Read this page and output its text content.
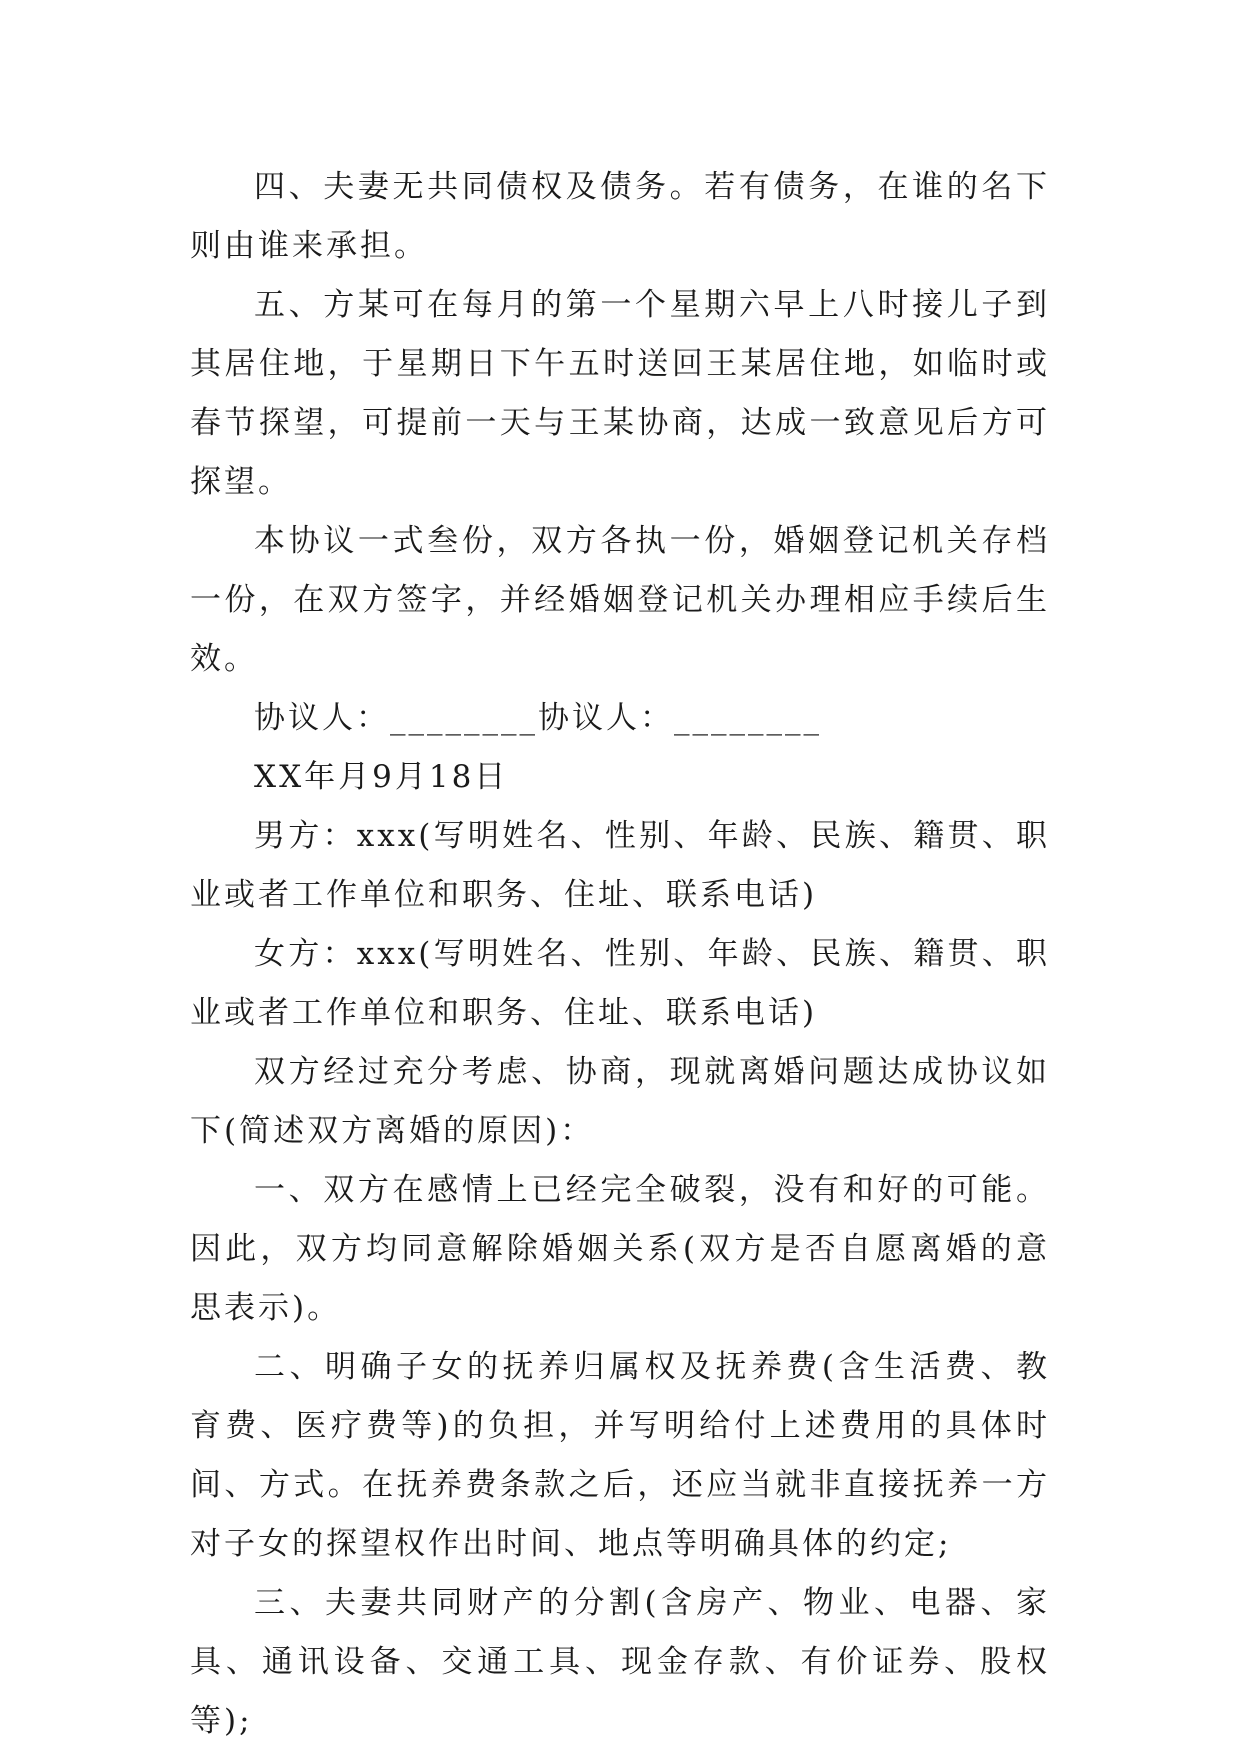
四、夫妻无共同债权及债务。若有债务，在谁的名下则由谁来承担。

五、方某可在每月的第一个星期六早上八时接儿子到其居住地，于星期日下午五时送回王某居住地，如临时或春节探望，可提前一天与王某协商，达成一致意见后方可探望。

本协议一式叁份，双方各执一份，婚姻登记机关存档一份，在双方签字，并经婚姻登记机关办理相应手续后生效。

协议人：________协议人：________

XX年月9月18日

男方：xxx(写明姓名、性别、年龄、民族、籍贯、职业或者工作单位和职务、住址、联系电话)

女方：xxx(写明姓名、性别、年龄、民族、籍贯、职业或者工作单位和职务、住址、联系电话)

双方经过充分考虑、协商，现就离婚问题达成协议如下(简述双方离婚的原因)：

一、双方在感情上已经完全破裂，没有和好的可能。因此，双方均同意解除婚姻关系(双方是否自愿离婚的意思表示)。

二、明确子女的抚养归属权及抚养费(含生活费、教育费、医疗费等)的负担，并写明给付上述费用的具体时间、方式。在抚养费条款之后，还应当就非直接抚养一方对子女的探望权作出时间、地点等明确具体的约定;

三、夫妻共同财产的分割(含房产、物业、电器、家具、通讯设备、交通工具、现金存款、有价证券、股权等);
